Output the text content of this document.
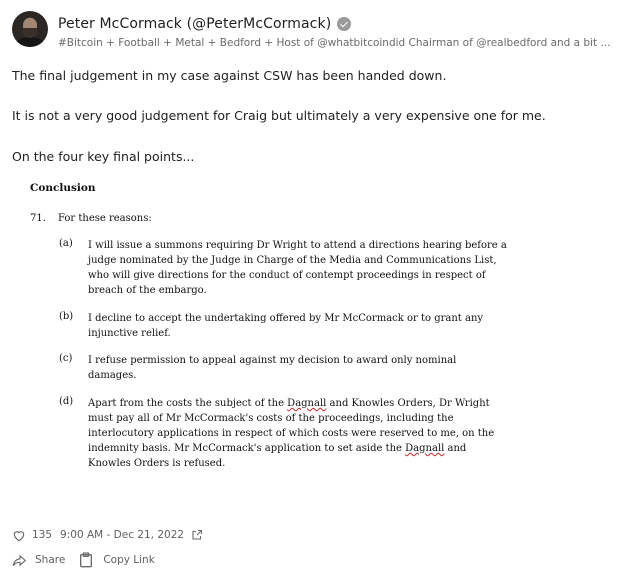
Peter McCormack (@PeterMcCormack)
#Bitcoin + Football + Metal + Bedford + Host of @whatbitcoindid Chairman of @realbedford and a bit ...
The final judgement in my case against CSW has been handed down.
It is not a very good judgement for Craig but ultimately a very expensive one for me.
On the four key final points...
Conclusion
71. For these reasons:
(a) I will issue a summons requiring Dr Wright to attend a directions hearing before a
judge nominated by the Judge in Charge of the Media and Communications List,
who will give directions for the conduct of contempt proceedings in respect of
breach of the embargo.
(b) I decline to accept the undertaking offered by Mr McCormack or to grant any
injunctive relief.
(c) I refuse permission to appeal against my decision to award only nominal
damages.
(d) Apart from the costs the subject of the Dagnall and Knowles Orders, Dr Wright
must pay all of Mr McCormack's costs of the proceedings, including the
interlocutory applications in respect of which costs were reserved to me, on the
indemnity basis. Mr McCormack's application to set aside the Dagnall and
Knowles Orders is refused.
135 9:00 AM - Dec 21, 2022
Share	Copy Link
